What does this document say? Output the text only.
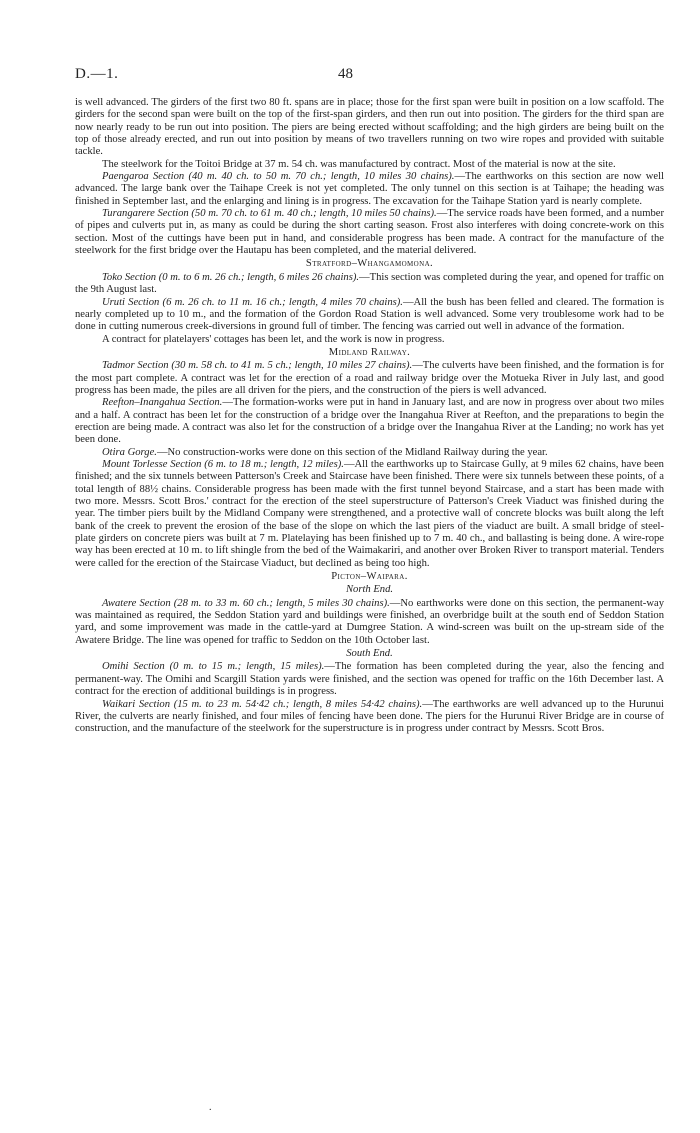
D.—1.	48

is well advanced. The girders of the first two 80 ft. spans are in place; those for the first span were built in position on a low scaffold. The girders for the second span were built on the top of the first-span girders, and then run out into position. The girders for the third span are now nearly ready to be run out into position. The piers are being erected without scaffolding; and the high girders are being built on the top of those already erected, and run out into position by means of two travellers running on two wire ropes and provided with suitable tackle.

The steelwork for the Toitoi Bridge at 37 m. 54 ch. was manufactured by contract. Most of the material is now at the site.

Paengaroa Section (40 m. 40 ch. to 50 m. 70 ch.; length, 10 miles 30 chains).—The earthworks on this section are now well advanced. The large bank over the Taihape Creek is not yet completed. The only tunnel on this section is at Taihape; the heading was finished in September last, and the enlarging and lining is in progress. The excavation for the Taihape Station yard is nearly complete.

Turangarere Section (50 m. 70 ch. to 61 m. 40 ch.; length, 10 miles 50 chains).—The service roads have been formed, and a number of pipes and culverts put in, as many as could be during the short carting season. Frost also interferes with doing concrete-work on this section. Most of the cuttings have been put in hand, and considerable progress has been made. A contract for the manufacture of the steelwork for the first bridge over the Hautapu has been completed, and the material delivered.

Stratford–Whangamomona.

Toko Section (0 m. to 6 m. 26 ch.; length, 6 miles 26 chains).—This section was completed during the year, and opened for traffic on the 9th August last.

Uruti Section (6 m. 26 ch. to 11 m. 16 ch.; length, 4 miles 70 chains).—All the bush has been felled and cleared. The formation is nearly completed up to 10 m., and the formation of the Gordon Road Station is well advanced. Some very troublesome work had to be done in cutting numerous creek-diversions in ground full of timber. The fencing was carried out well in advance of the formation.

A contract for platelayers' cottages has been let, and the work is now in progress.

Midland Railway.

Tadmor Section (30 m. 58 ch. to 41 m. 5 ch.; length, 10 miles 27 chains).—The culverts have been finished, and the formation is for the most part complete. A contract was let for the erection of a road and railway bridge over the Motueka River in July last, and good progress has been made, the piles are all driven for the piers, and the construction of the piers is well advanced.

Reefton–Inangahua Section.—The formation-works were put in hand in January last, and are now in progress over about two miles and a half. A contract has been let for the construction of a bridge over the Inangahua River at Reefton, and the preparations to begin the erection are being made. A contract was also let for the construction of a bridge over the Inangahua River at the Landing; no work has yet been done.

Otira Gorge.—No construction-works were done on this section of the Midland Railway during the year.

Mount Torlesse Section (6 m. to 18 m.; length, 12 miles).—All the earthworks up to Staircase Gully, at 9 miles 62 chains, have been finished; and the six tunnels between Patterson's Creek and Staircase have been finished. There were six tunnels between these points, of a total length of 88½ chains. Considerable progress has been made with the first tunnel beyond Staircase, and a start has been made with two more. Messrs. Scott Bros.' contract for the erection of the steel superstructure of Patterson's Creek Viaduct was finished during the year. The timber piers built by the Midland Company were strengthened, and a protective wall of concrete blocks was built along the left bank of the creek to prevent the erosion of the base of the slope on which the last piers of the viaduct are built. A small bridge of steel-plate girders on concrete piers was built at 7 m. Platelaying has been finished up to 7 m. 40 ch., and ballasting is being done. A wire-rope way has been erected at 10 m. to lift shingle from the bed of the Waimakariri, and another over Broken River to transport material. Tenders were called for the erection of the Staircase Viaduct, but declined as being too high.

Picton–Waipara.
North End.

Awatere Section (28 m. to 33 m. 60 ch.; length, 5 miles 30 chains).—No earthworks were done on this section, the permanent-way was maintained as required, the Seddon Station yard and buildings were finished, an overbridge built at the south end of Seddon Station yard, and some improvement was made in the cattle-yard at Dumgree Station. A wind-screen was built on the up-stream side of the Awatere Bridge. The line was opened for traffic to Seddon on the 10th October last.

South End.

Omihi Section (0 m. to 15 m.; length, 15 miles).—The formation has been completed during the year, also the fencing and permanent-way. The Omihi and Scargill Station yards were finished, and the section was opened for traffic on the 16th December last. A contract for the erection of additional buildings is in progress.

Waikari Section (15 m. to 23 m. 54·42 ch.; length, 8 miles 54·42 chains).—The earthworks are well advanced up to the Hurunui River, the culverts are nearly finished, and four miles of fencing have been done. The piers for the Hurunui River Bridge are in course of construction, and the manufacture of the steelwork for the superstructure is in progress under contract by Messrs. Scott Bros.

.
